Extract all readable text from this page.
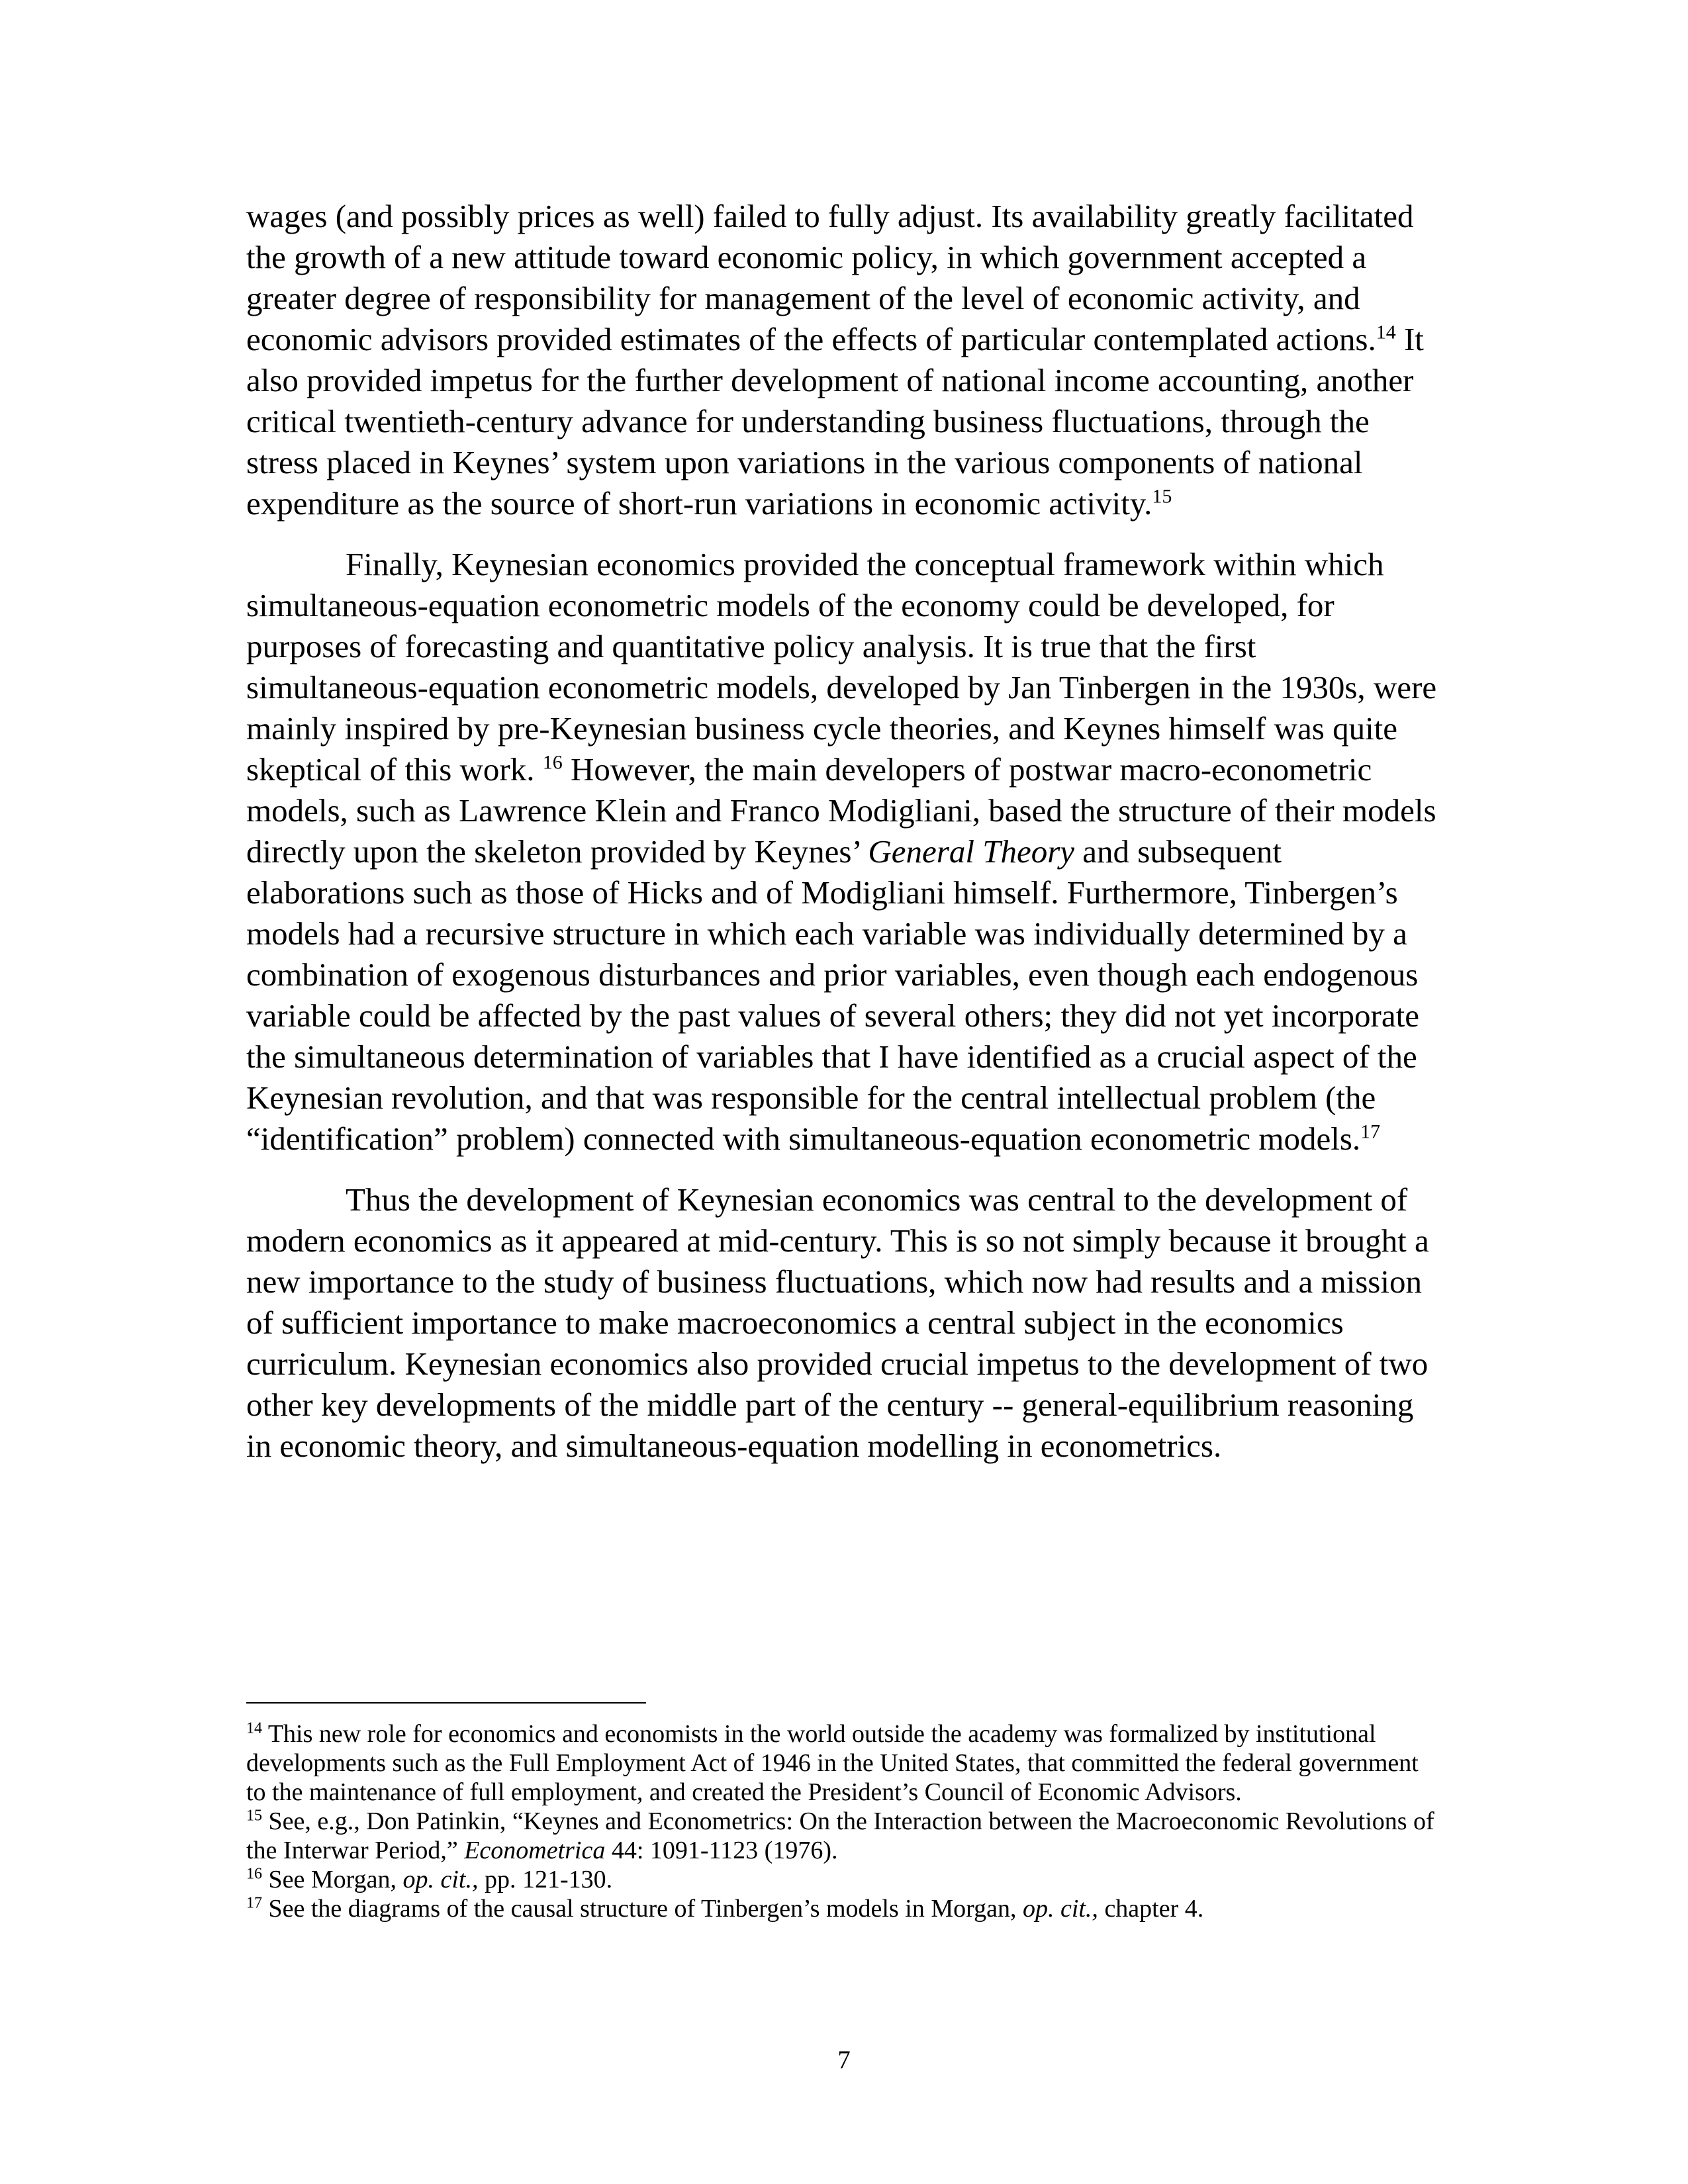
wages (and possibly prices as well) failed to fully adjust. Its availability greatly facilitated the growth of a new attitude toward economic policy, in which government accepted a greater degree of responsibility for management of the level of economic activity, and economic advisors provided estimates of the effects of particular contemplated actions.$^{14}$ It also provided impetus for the further development of national income accounting, another critical twentieth-century advance for understanding business fluctuations, through the stress placed in Keynes’ system upon variations in the various components of national expenditure as the source of short-run variations in economic activity.$^{15}$

Finally, Keynesian economics provided the conceptual framework within which simultaneous-equation econometric models of the economy could be developed, for purposes of forecasting and quantitative policy analysis. It is true that the first simultaneous-equation econometric models, developed by Jan Tinbergen in the 1930s, were mainly inspired by pre-Keynesian business cycle theories, and Keynes himself was quite skeptical of this work. $^{16}$ However, the main developers of postwar macro-econometric models, such as Lawrence Klein and Franco Modigliani, based the structure of their models directly upon the skeleton provided by Keynes’ General Theory and subsequent elaborations such as those of Hicks and of Modigliani himself. Furthermore, Tinbergen’s models had a recursive structure in which each variable was individually determined by a combination of exogenous disturbances and prior variables, even though each endogenous variable could be affected by the past values of several others; they did not yet incorporate the simultaneous determination of variables that I have identified as a crucial aspect of the Keynesian revolution, and that was responsible for the central intellectual problem (the “identification” problem) connected with simultaneous-equation econometric models.$^{17}$

Thus the development of Keynesian economics was central to the development of modern economics as it appeared at mid-century. This is so not simply because it brought a new importance to the study of business fluctuations, which now had results and a mission of sufficient importance to make macroeconomics a central subject in the economics curriculum. Keynesian economics also provided crucial impetus to the development of two other key developments of the middle part of the century -- general-equilibrium reasoning in economic theory, and simultaneous-equation modelling in econometrics.

$^{14}$ This new role for economics and economists in the world outside the academy was formalized by institutional developments such as the Full Employment Act of 1946 in the United States, that committed the federal government to the maintenance of full employment, and created the President’s Council of Economic Advisors.

$^{15}$ See, e.g., Don Patinkin, “Keynes and Econometrics: On the Interaction between the Macroeconomic Revolutions of the Interwar Period,” Econometrica 44: 1091-1123 (1976).

$^{16}$ See Morgan, op. cit., pp. 121-130.

$^{17}$ See the diagrams of the causal structure of Tinbergen’s models in Morgan, op. cit., chapter 4.

7
